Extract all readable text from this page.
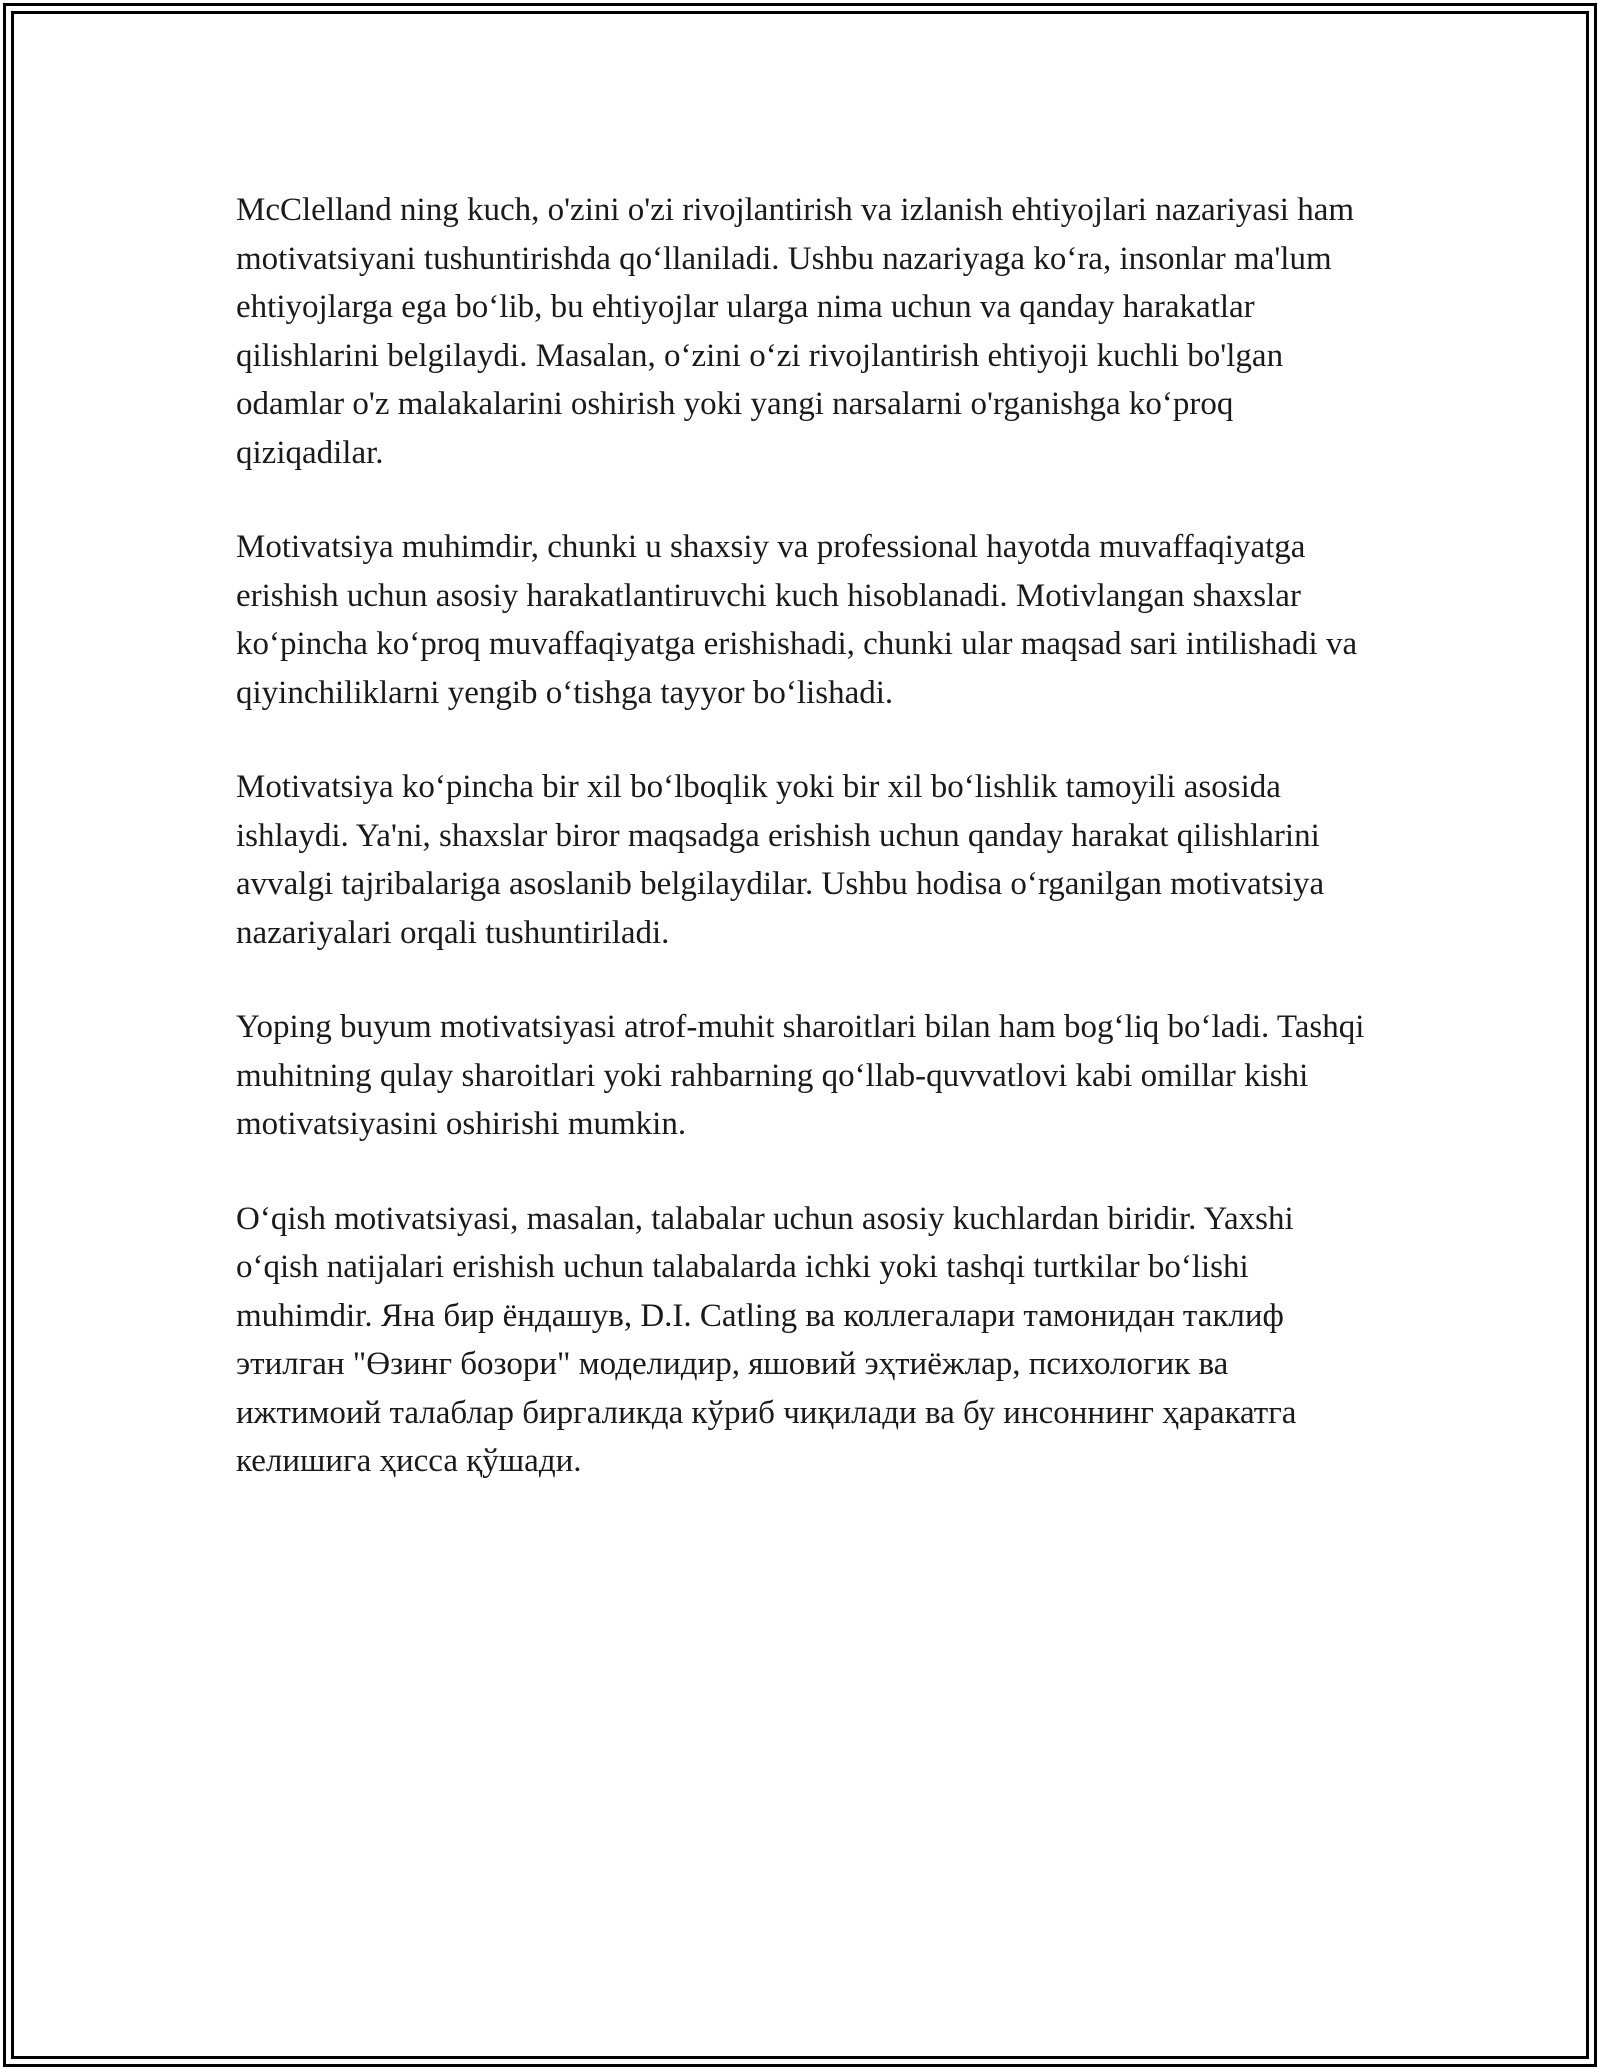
McClelland ning kuch, o'zini o'zi rivojlantirish va izlanish ehtiyojlari nazariyasi ham motivatsiyani tushuntirishda qo‘llaniladi. Ushbu nazariyaga ko‘ra, insonlar ma'lum ehtiyojlarga ega bo‘lib, bu ehtiyojlar ularga nima uchun va qanday harakatlar qilishlarini belgilaydi. Masalan, o‘zini o‘zi rivojlantirish ehtiyoji kuchli bo'lgan odamlar o'z malakalarini oshirish yoki yangi narsalarni o'rganishga ko‘proq qiziqadilar.

Motivatsiya muhimdir, chunki u shaxsiy va professional hayotda muvaffaqiyatga erishish uchun asosiy harakatlantiruvchi kuch hisoblanadi. Motivlangan shaxslar ko‘pincha ko‘proq muvaffaqiyatga erishishadi, chunki ular maqsad sari intilishadi va qiyinchiliklarni yengib o‘tishga tayyor bo‘lishadi.

Motivatsiya ko‘pincha bir xil bo‘lboqlik yoki bir xil bo‘lishlik tamoyili asosida ishlaydi. Ya'ni, shaxslar biror maqsadga erishish uchun qanday harakat qilishlarini avvalgi tajribalariga asoslanib belgilaydilar. Ushbu hodisa o‘rganilgan motivatsiya nazariyalari orqali tushuntiriladi.

Yoping buyum motivatsiyasi atrof-muhit sharoitlari bilan ham bog‘liq bo‘ladi. Tashqi muhitning qulay sharoitlari yoki rahbarning qo‘llab-quvvatlovi kabi omillar kishi motivatsiyasini oshirishi mumkin.

O‘qish motivatsiyasi, masalan, talabalar uchun asosiy kuchlardan biridir. Yaxshi o‘qish natijalari erishish uchun talabalarda ichki yoki tashqi turtkilar bo‘lishi muhimdir. Яна бир ёндашув, D.I. Catling ва коллегалари тамонидан таклиф этилган "Өзинг бозори" моделидир, яшовий эҳтиёжлар, психологик ва ижтимоий талаблар биргаликда кўриб чиқилади ва бу инсоннинг ҳаракатга келишига ҳисса қўшади.
